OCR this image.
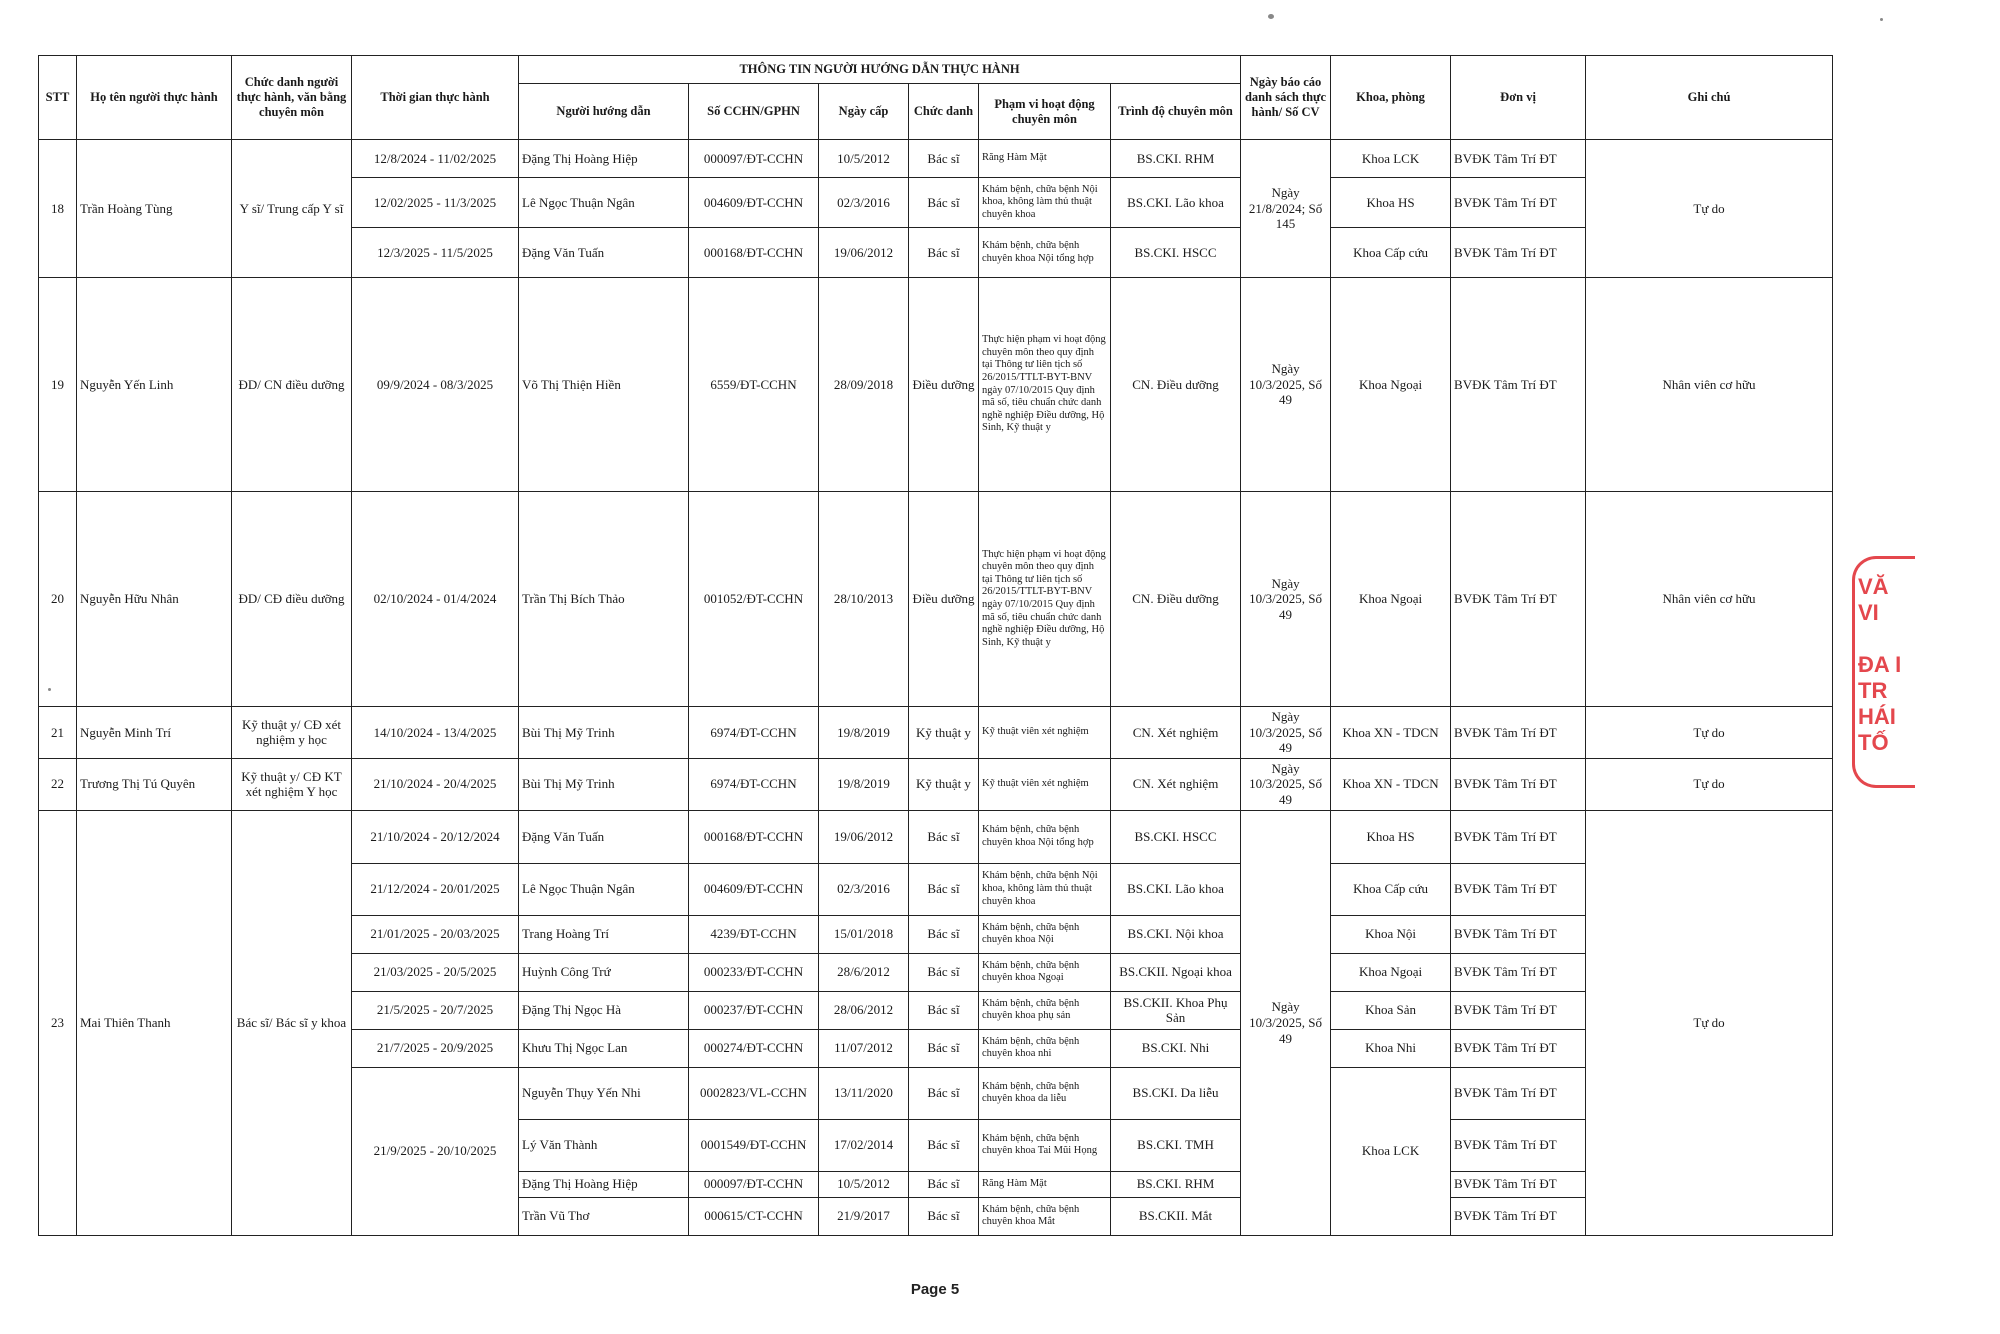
STT	Họ tên người thực hành	Chức danh người thực hành, văn bằng chuyên môn	Thời gian thực hành	THÔNG TIN NGƯỜI HƯỚNG DẪN THỰC HÀNH						Ngày báo cáo danh sách thực hành/ Số CV	Khoa, phòng	Đơn vị	Ghi chú
				Người hướng dẫn	Số CCHN/GPHN	Ngày cấp	Chức danh	Phạm vi hoạt động chuyên môn	Trình độ chuyên môn				
18	Trần Hoàng Tùng	Y sĩ/ Trung cấp Y sĩ	12/8/2024 - 11/02/2025	Đặng Thị Hoàng Hiệp	000097/ĐT-CCHN	10/5/2012	Bác sĩ	Răng Hàm Mặt	BS.CKI. RHM	Ngày 21/8/2024; Số 145	Khoa LCK	BVĐK Tâm Trí ĐT	Tự do
			12/02/2025 - 11/3/2025	Lê Ngọc Thuận Ngân	004609/ĐT-CCHN	02/3/2016	Bác sĩ	Khám bệnh, chữa bệnh Nội khoa, không làm thủ thuật chuyên khoa	BS.CKI. Lão khoa		Khoa HS	BVĐK Tâm Trí ĐT	
			12/3/2025 - 11/5/2025	Đặng Văn Tuấn	000168/ĐT-CCHN	19/06/2012	Bác sĩ	Khám bệnh, chữa bệnh chuyên khoa Nội tổng hợp	BS.CKI. HSCC		Khoa Cấp cứu	BVĐK Tâm Trí ĐT	
19	Nguyễn Yến Linh	ĐD/ CN điều dưỡng	09/9/2024 - 08/3/2025	Võ Thị Thiện Hiền	6559/ĐT-CCHN	28/09/2018	Điều dưỡng	Thực hiện phạm vi hoạt động chuyên môn theo quy định tại Thông tư liên tịch số 26/2015/TTLT-BYT-BNV ngày 07/10/2015 Quy định mã số, tiêu chuẩn chức danh nghề nghiệp Điều dưỡng, Hộ Sinh, Kỹ thuật y	CN. Điều dưỡng	Ngày 10/3/2025, Số 49	Khoa Ngoại	BVĐK Tâm Trí ĐT	Nhân viên cơ hữu
20	Nguyễn Hữu Nhân	ĐD/ CĐ điều dưỡng	02/10/2024 - 01/4/2024	Trần Thị Bích Thảo	001052/ĐT-CCHN	28/10/2013	Điều dưỡng	Thực hiện phạm vi hoạt động chuyên môn theo quy định tại Thông tư liên tịch số 26/2015/TTLT-BYT-BNV ngày 07/10/2015 Quy định mã số, tiêu chuẩn chức danh nghề nghiệp Điều dưỡng, Hộ Sinh, Kỹ thuật y	CN. Điều dưỡng	Ngày 10/3/2025, Số 49	Khoa Ngoại	BVĐK Tâm Trí ĐT	Nhân viên cơ hữu
21	Nguyễn Minh Trí	Kỹ thuật y/ CĐ xét nghiệm y học	14/10/2024 - 13/4/2025	Bùi Thị Mỹ Trinh	6974/ĐT-CCHN	19/8/2019	Kỹ thuật y	Kỹ thuật viên xét nghiệm	CN. Xét nghiệm	Ngày 10/3/2025, Số 49	Khoa XN - TDCN	BVĐK Tâm Trí ĐT	Tự do
22	Trương Thị Tú Quyên	Kỹ thuật y/ CĐ KT xét nghiệm Y học	21/10/2024 - 20/4/2025	Bùi Thị Mỹ Trinh	6974/ĐT-CCHN	19/8/2019	Kỹ thuật y	Kỹ thuật viên xét nghiệm	CN. Xét nghiệm	Ngày 10/3/2025, Số 49	Khoa XN - TDCN	BVĐK Tâm Trí ĐT	Tự do
23	Mai Thiên Thanh	Bác sĩ/ Bác sĩ y khoa	21/10/2024 - 20/12/2024	Đặng Văn Tuấn	000168/ĐT-CCHN	19/06/2012	Bác sĩ	Khám bệnh, chữa bệnh chuyên khoa Nội tổng hợp	BS.CKI. HSCC	Ngày 10/3/2025, Số 49	Khoa HS	BVĐK Tâm Trí ĐT	Tự do
			21/12/2024 - 20/01/2025	Lê Ngọc Thuận Ngân	004609/ĐT-CCHN	02/3/2016	Bác sĩ	Khám bệnh, chữa bệnh Nội khoa, không làm thủ thuật chuyên khoa	BS.CKI. Lão khoa		Khoa Cấp cứu	BVĐK Tâm Trí ĐT	
			21/01/2025 - 20/03/2025	Trang Hoàng Trí	4239/ĐT-CCHN	15/01/2018	Bác sĩ	Khám bệnh, chữa bệnh chuyên khoa Nội	BS.CKI. Nội khoa		Khoa Nội	BVĐK Tâm Trí ĐT	
			21/03/2025 - 20/5/2025	Huỳnh Công Trứ	000233/ĐT-CCHN	28/6/2012	Bác sĩ	Khám bệnh, chữa bệnh chuyên khoa Ngoại	BS.CKII. Ngoại khoa		Khoa Ngoại	BVĐK Tâm Trí ĐT	
			21/5/2025 - 20/7/2025	Đặng Thị Ngọc Hà	000237/ĐT-CCHN	28/06/2012	Bác sĩ	Khám bệnh, chữa bệnh chuyên khoa phụ sản	BS.CKII. Khoa Phụ Sản		Khoa Sản	BVĐK Tâm Trí ĐT	
			21/7/2025 - 20/9/2025	Khưu Thị Ngọc Lan	000274/ĐT-CCHN	11/07/2012	Bác sĩ	Khám bệnh, chữa bệnh chuyên khoa nhi	BS.CKI. Nhi		Khoa Nhi	BVĐK Tâm Trí ĐT	
			21/9/2025 - 20/10/2025	Nguyễn Thụy Yến Nhi	0002823/VL-CCHN	13/11/2020	Bác sĩ	Khám bệnh, chữa bệnh chuyên khoa da liễu	BS.CKI. Da liễu		Khoa LCK	BVĐK Tâm Trí ĐT	
				Lý Văn Thành	0001549/ĐT-CCHN	17/02/2014	Bác sĩ	Khám bệnh, chữa bệnh chuyên khoa Tai Mũi Họng	BS.CKI. TMH			BVĐK Tâm Trí ĐT	
				Đặng Thị Hoàng Hiệp	000097/ĐT-CCHN	10/5/2012	Bác sĩ	Răng Hàm Mặt	BS.CKI. RHM			BVĐK Tâm Trí ĐT	
				Trần Vũ Thơ	000615/CT-CCHN	21/9/2017	Bác sĩ	Khám bệnh, chữa bệnh chuyên khoa Mắt	BS.CKII. Mắt			BVĐK Tâm Trí ĐT	
VĂ
VI

ĐA I
TR
HÁI
TỐ
Page 5
